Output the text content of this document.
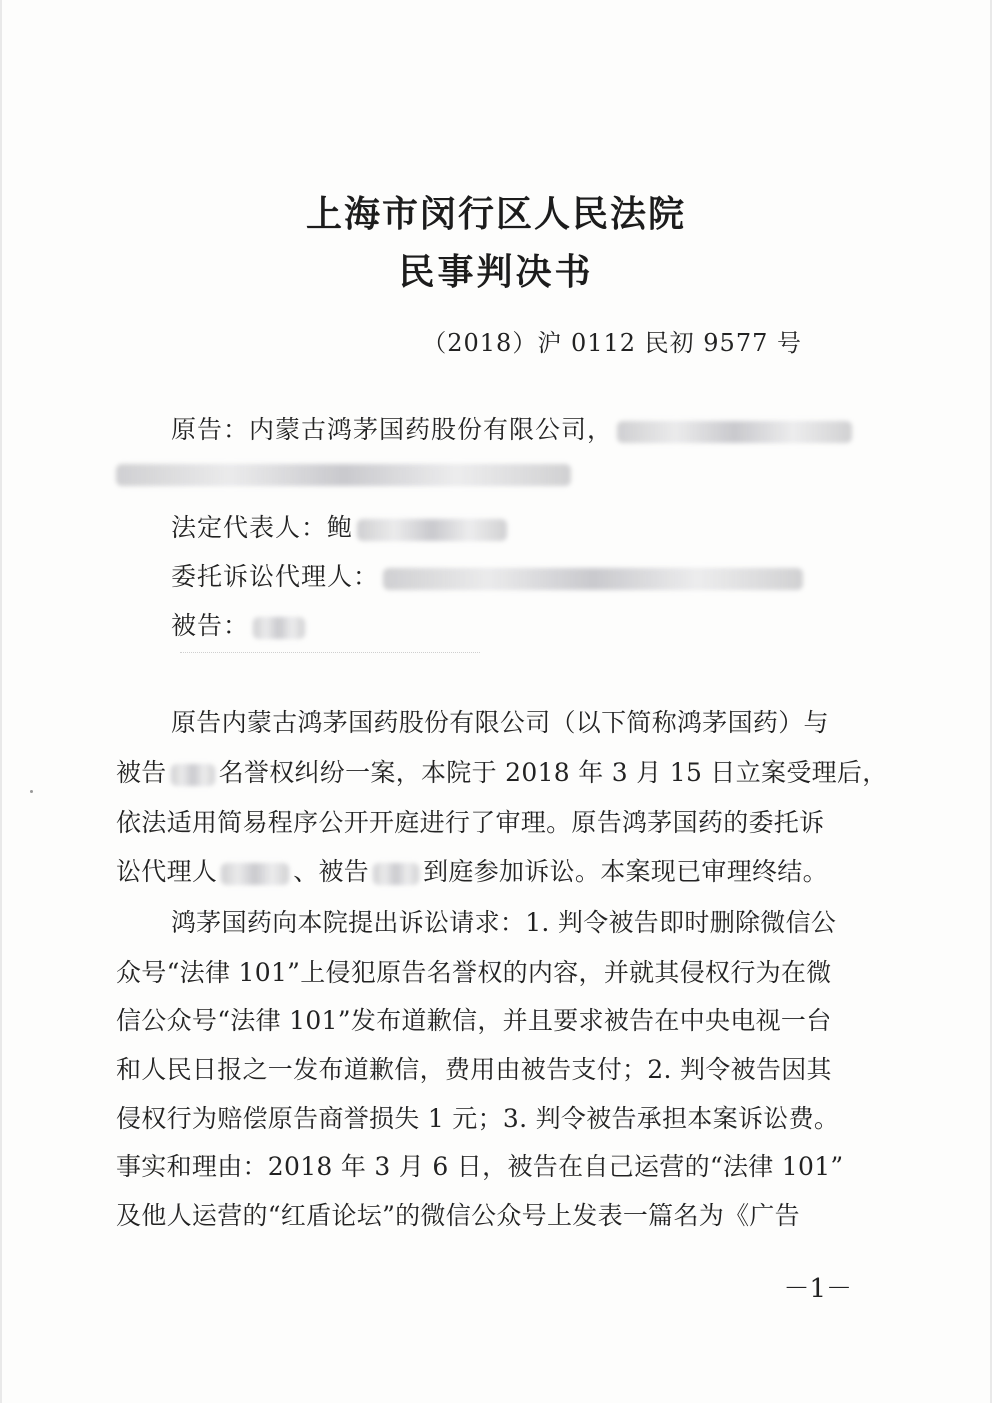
上海市闵行区人民法院
民事判决书
（2018）沪 0112 民初 9577 号
原告：内蒙古鸿茅国药股份有限公司，
法定代表人：鲍
委托诉讼代理人：
被告：
原告内蒙古鸿茅国药股份有限公司（以下简称鸿茅国药）与
被告 名誉权纠纷一案，本院于 2018 年 3 月 15 日立案受理后，
依法适用简易程序公开开庭进行了审理。原告鸿茅国药的委托诉
讼代理人	、被告 到庭参加诉讼。本案现已审理终结。
鸿茅国药向本院提出诉讼请求：1. 判令被告即时删除微信公
众号“法律 101”上侵犯原告名誉权的内容，并就其侵权行为在微
信公众号“法律 101”发布道歉信，并且要求被告在中央电视一台
和人民日报之一发布道歉信，费用由被告支付；2. 判令被告因其
侵权行为赔偿原告商誉损失 1 元；3. 判令被告承担本案诉讼费。
事实和理由：2018 年 3 月 6 日，被告在自己运营的“法律 101”
及他人运营的“红盾论坛”的微信公众号上发表一篇名为《广告
－1－
